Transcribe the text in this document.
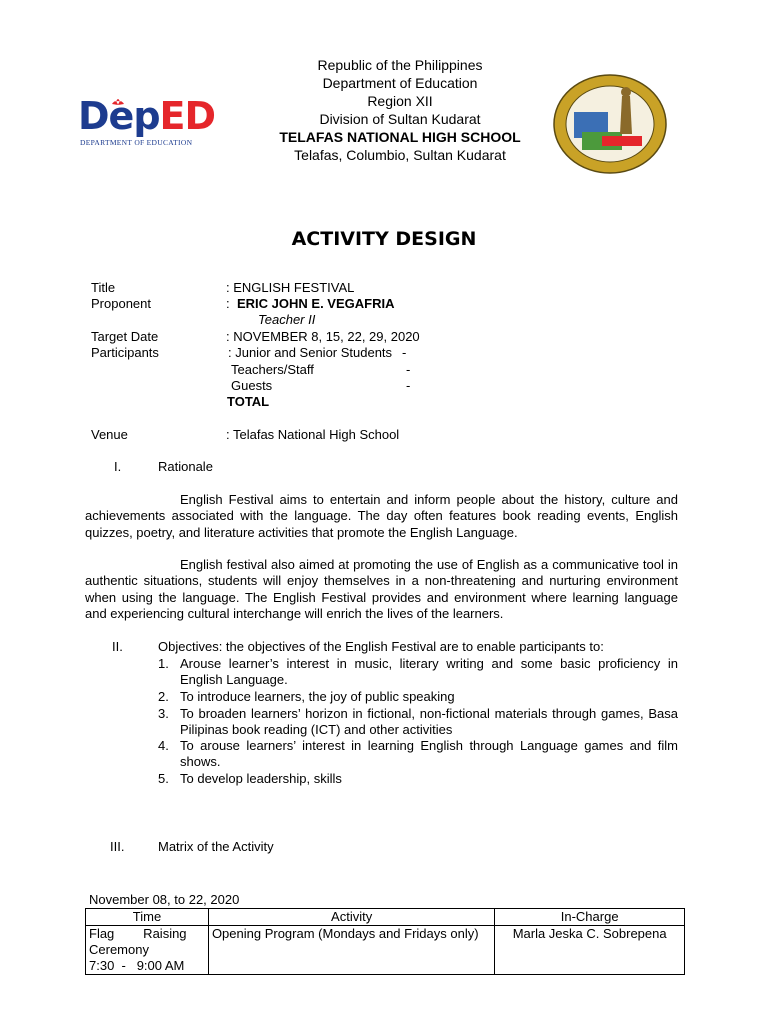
DepED
DEPARTMENT OF EDUCATION
Republic of the Philippines
Department of Education
Region XII
Division of Sultan Kudarat
TELAFAS NATIONAL HIGH SCHOOL
Telafas, Columbio, Sultan Kudarat
ACTIVITY DESIGN
Title	: ENGLISH FESTIVAL
Proponent	: ERIC JOHN E. VEGAFRIA
Teacher II
Target Date	: NOVEMBER 8, 15, 22, 29, 2020
Participants	: Junior and Senior Students -
Teachers/Staff	-
Guests	-
TOTAL
Venue	: Telafas National High School
I.	Rationale
English Festival aims to entertain and inform people about the history, culture and achievements associated with the language. The day often features book reading events, English quizzes, poetry, and literature activities that promote the English Language.
English festival also aimed at promoting the use of English as a communicative tool in authentic situations, students will enjoy themselves in a non-threatening and nurturing environment when using the language. The English Festival provides and environment where learning language and experiencing cultural interchange will enrich the lives of the learners.
II.	Objectives: the objectives of the English Festival are to enable participants to:
1. Arouse learner’s interest in music, literary writing and some basic proficiency in English Language.
2. To introduce learners, the joy of public speaking
3. To broaden learners’ horizon in fictional, non-fictional materials through games, Basa Pilipinas book reading (ICT) and other activities
4. To arouse learners’ interest in learning English through Language games and film shows.
5. To develop leadership, skills
III.	Matrix of the Activity
November 08, to 22, 2020
Time	Activity	In-Charge

Flag        Raising
Ceremony
7:30  -   9:00 AM	Opening Program (Mondays and Fridays only)	Marla Jeska C. Sobrepena
